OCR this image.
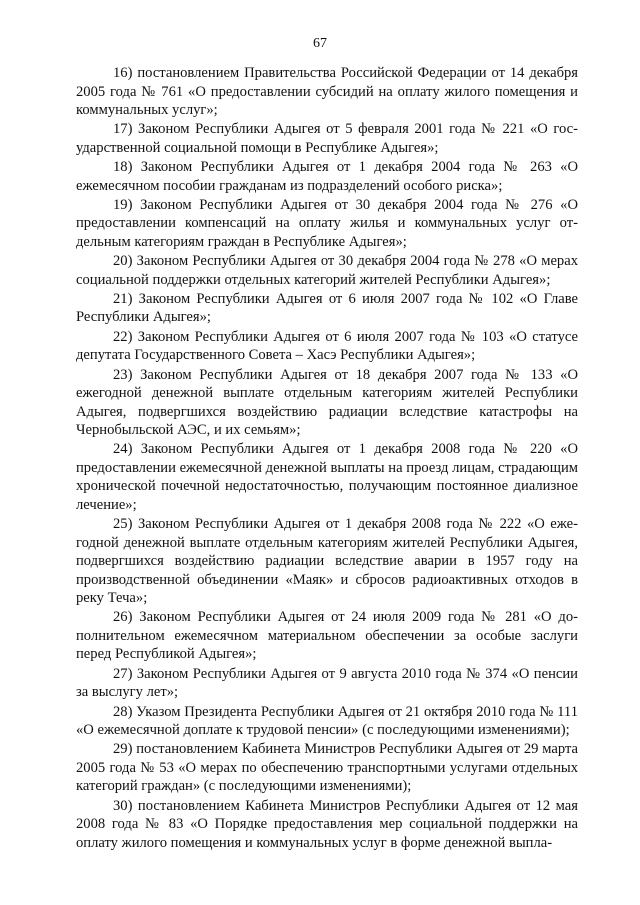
67

16) постановлением Правительства Российской Федерации от 14 декабря 2005 года № 761 «О предоставлении субсидий на оплату жилого помещения и коммунальных услуг»;

17) Законом Республики Адыгея от 5 февраля 2001 года № 221 «О государственной социальной помощи в Республике Адыгея»;

18) Законом Республики Адыгея от 1 декабря 2004 года № 263 «О ежемесячном пособии гражданам из подразделений особого риска»;

19) Законом Республики Адыгея от 30 декабря 2004 года № 276 «О предоставлении компенсаций на оплату жилья и коммунальных услуг отдельным категориям граждан в Республике Адыгея»;

20) Законом Республики Адыгея от 30 декабря 2004 года № 278 «О мерах социальной поддержки отдельных категорий жителей Республики Адыгея»;

21) Законом Республики Адыгея от 6 июля 2007 года № 102 «О Главе Республики Адыгея»;

22) Законом Республики Адыгея от 6 июля 2007 года № 103 «О статусе депутата Государственного Совета – Хасэ Республики Адыгея»;

23) Законом Республики Адыгея от 18 декабря 2007 года № 133 «О ежегодной денежной выплате отдельным категориям жителей Республики Адыгея, подвергшихся воздействию радиации вследствие катастрофы на Чернобыльской АЭС, и их семьям»;

24) Законом Республики Адыгея от 1 декабря 2008 года № 220 «О предоставлении ежемесячной денежной выплаты на проезд лицам, страдающим хронической почечной недостаточностью, получающим постоянное диализное лечение»;

25) Законом Республики Адыгея от 1 декабря 2008 года № 222 «О ежегодной денежной выплате отдельным категориям жителей Республики Адыгея, подвергшихся воздействию радиации вследствие аварии в 1957 году на производственной объединении «Маяк» и сбросов радиоактивных отходов в реку Теча»;

26) Законом Республики Адыгея от 24 июля 2009 года № 281 «О дополнительном ежемесячном материальном обеспечении за особые заслуги перед Республикой Адыгея»;

27) Законом Республики Адыгея от 9 августа 2010 года № 374 «О пенсии за выслугу лет»;

28) Указом Президента Республики Адыгея от 21 октября 2010 года № 111 «О ежемесячной доплате к трудовой пенсии» (с последующими изменениями);

29) постановлением Кабинета Министров Республики Адыгея от 29 марта 2005 года № 53 «О мерах по обеспечению транспортными услугами отдельных категорий граждан» (с последующими изменениями);

30) постановлением Кабинета Министров Республики Адыгея от 12 мая 2008 года № 83 «О Порядке предоставления мер социальной поддержки на оплату жилого помещения и коммунальных услуг в форме денежной выпла-
